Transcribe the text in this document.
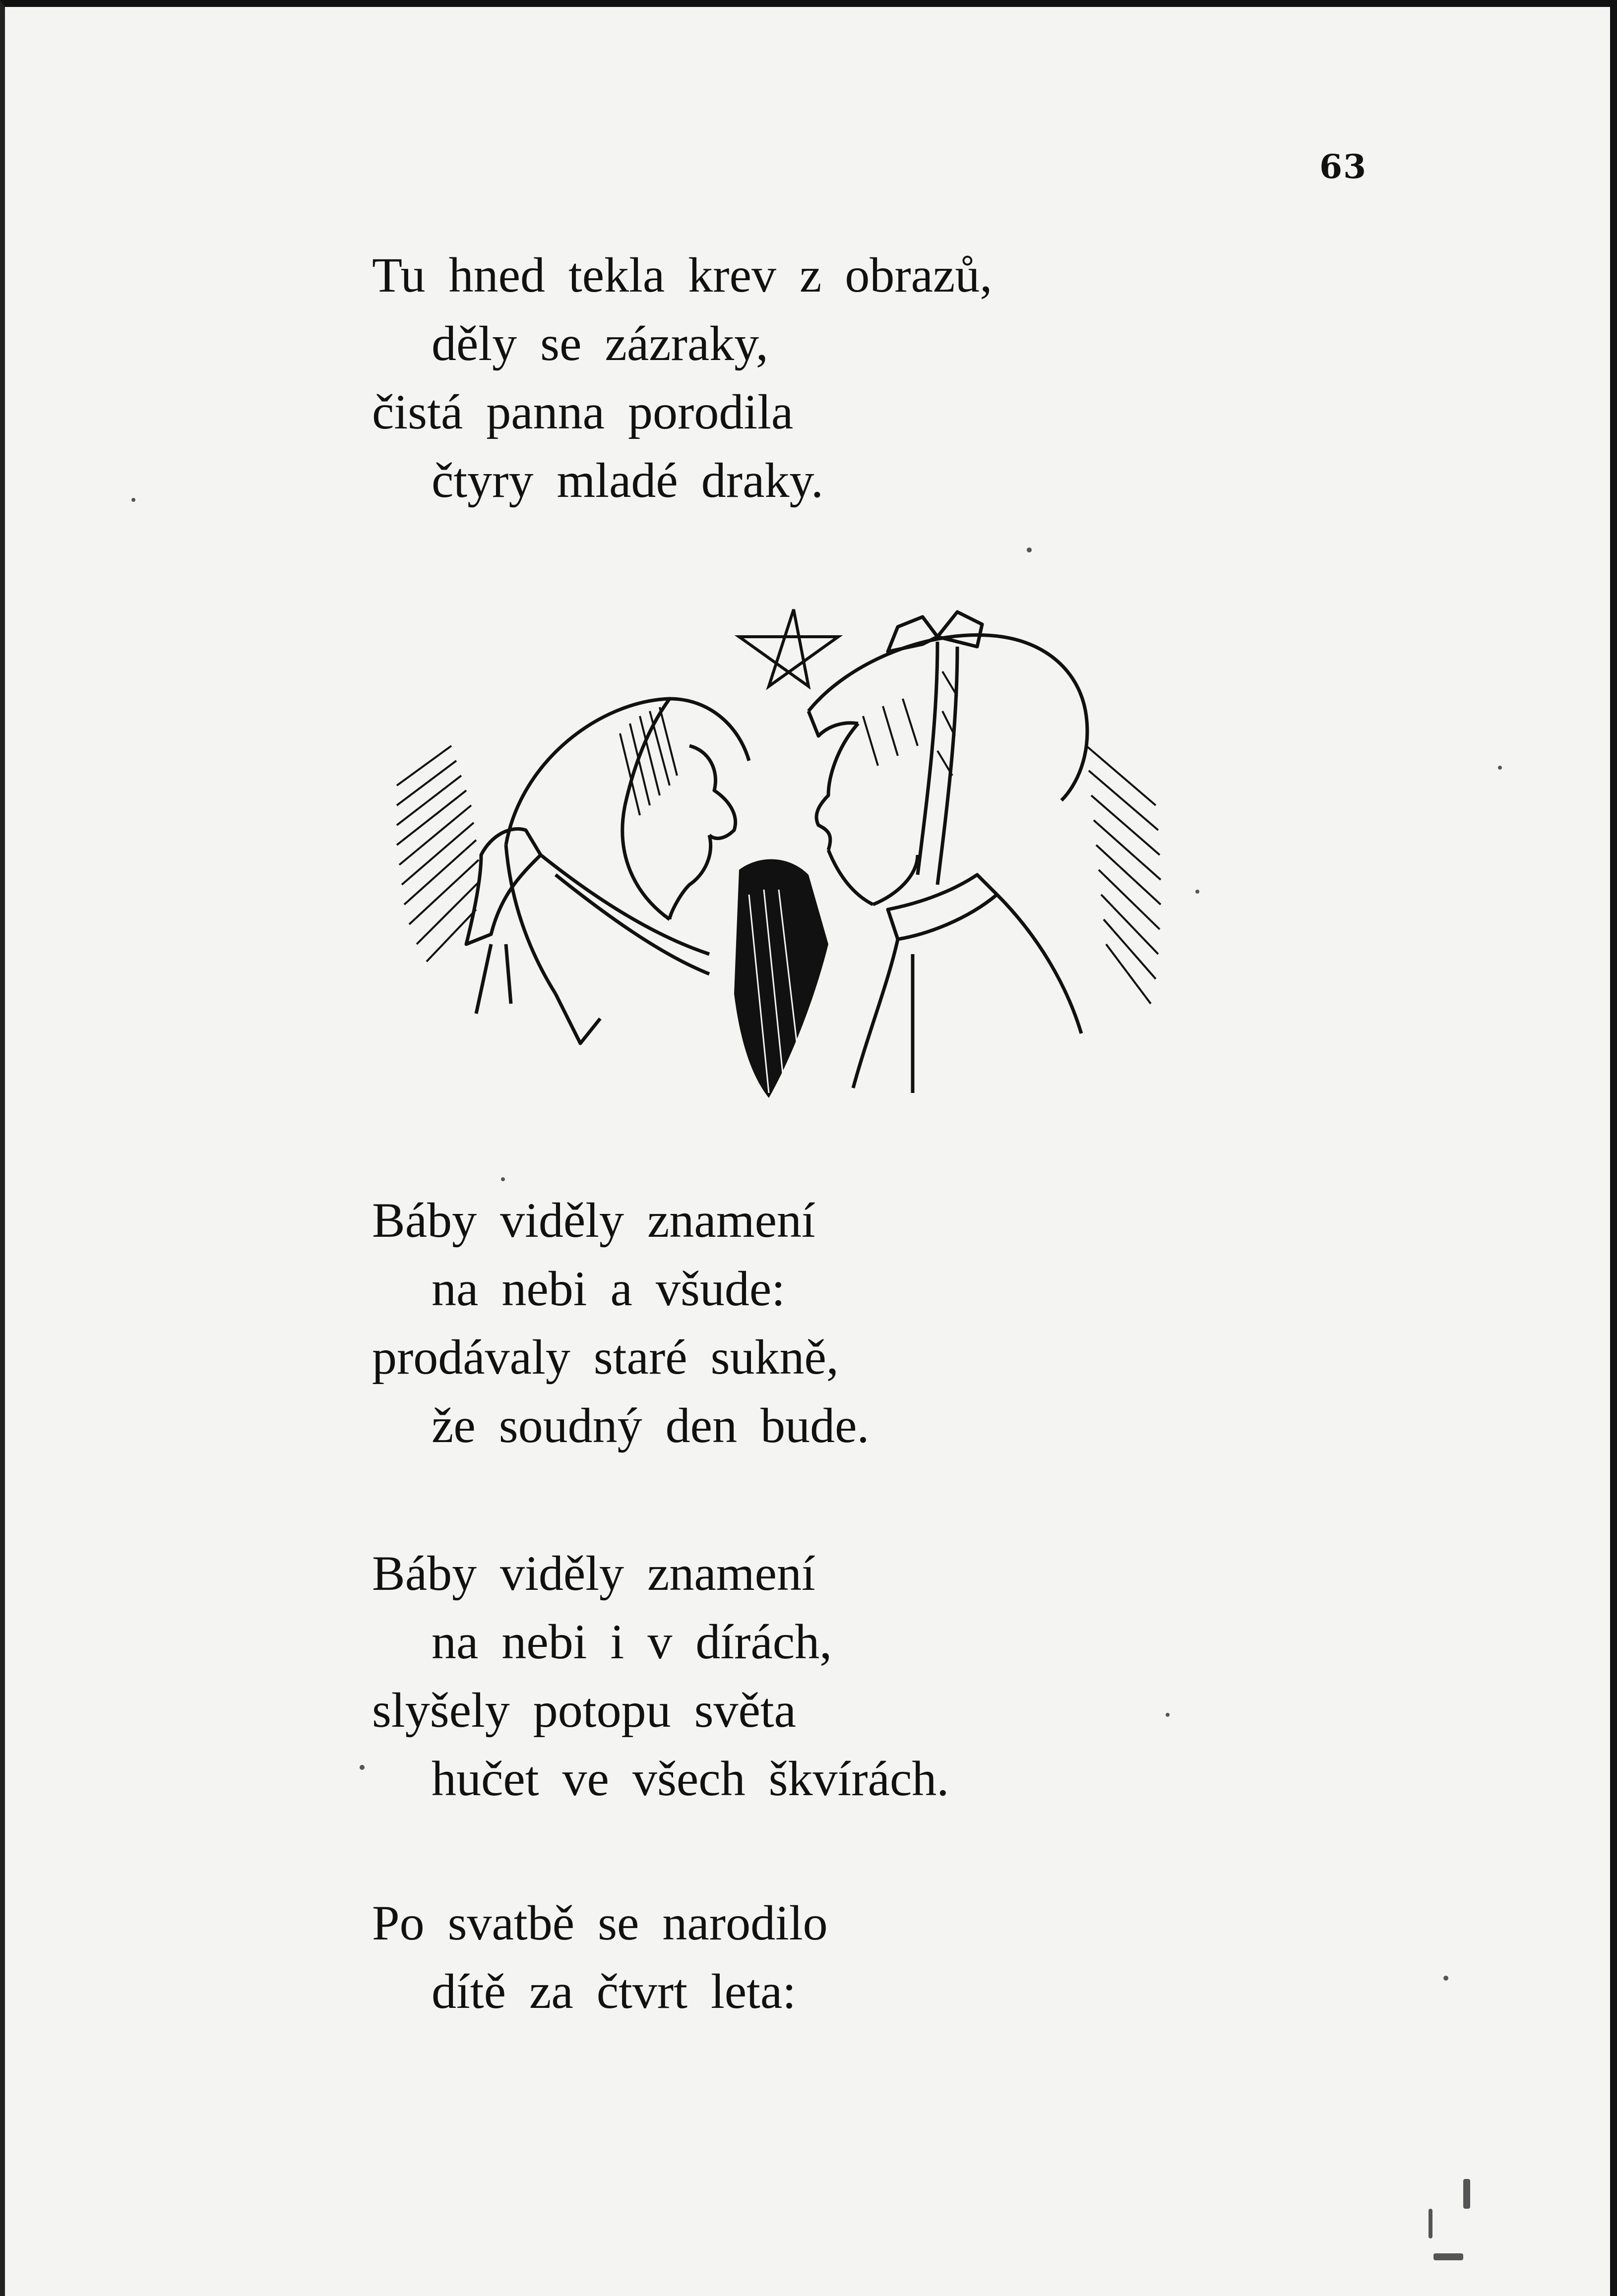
63
Tu hned tekla krev z obrazů,
děly se zázraky,
čistá panna porodila
čtyry mladé draky.
Báby viděly znamení
na nebi a všude:
prodávaly staré sukně,
že soudný den bude.
Báby viděly znamení
na nebi i v dírách,
slyšely potopu světa
hučet ve všech škvírách.
Po svatbě se narodilo
dítě za čtvrt leta:
